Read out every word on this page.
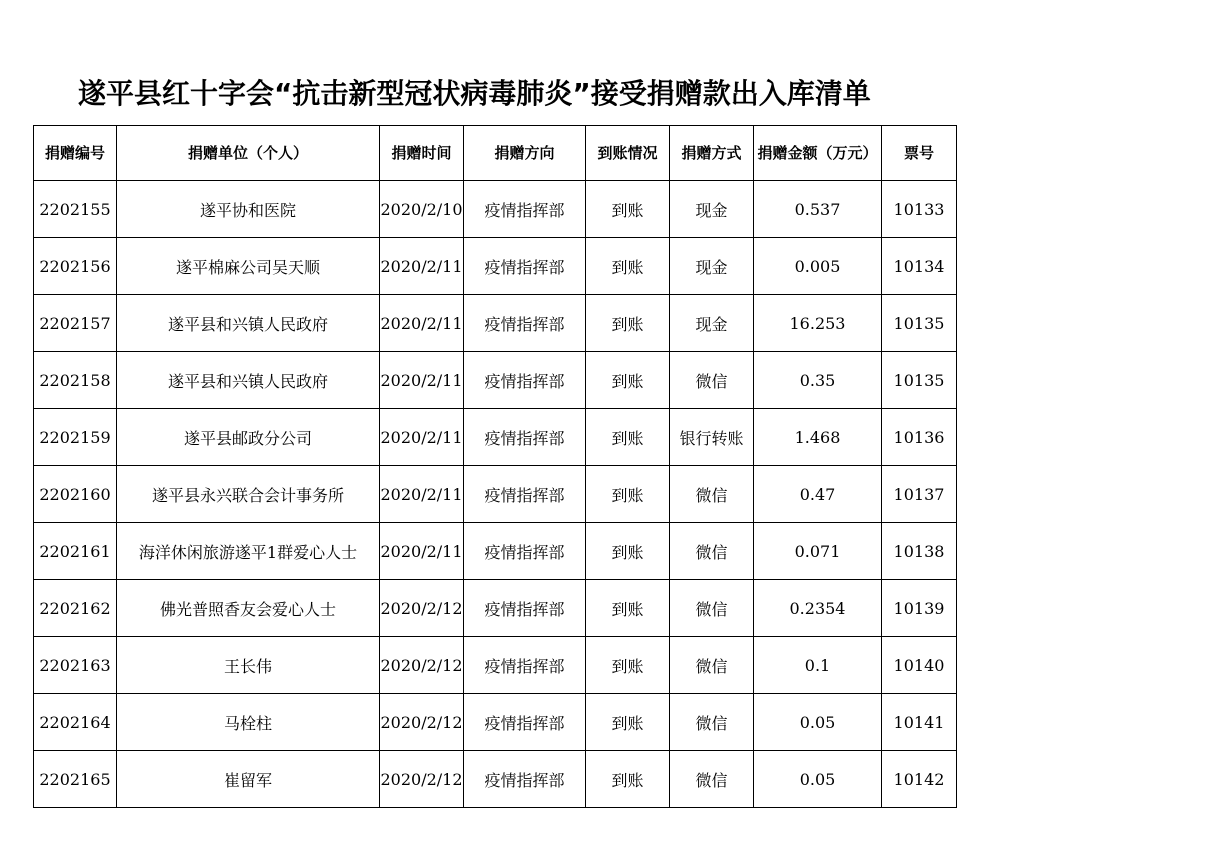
遂平县红十字会“抗击新型冠状病毒肺炎”接受捐赠款出入库清单
捐赠编号	捐赠单位（个人）	捐赠时间	捐赠方向	到账情况	捐赠方式	捐赠金额（万元）	票号
2202155	遂平协和医院	2020/2/10	疫情指挥部	到账	现金	0.537	10133
2202156	遂平棉麻公司吴天顺	2020/2/11	疫情指挥部	到账	现金	0.005	10134
2202157	遂平县和兴镇人民政府	2020/2/11	疫情指挥部	到账	现金	16.253	10135
2202158	遂平县和兴镇人民政府	2020/2/11	疫情指挥部	到账	微信	0.35	10135
2202159	遂平县邮政分公司	2020/2/11	疫情指挥部	到账	银行转账	1.468	10136
2202160	遂平县永兴联合会计事务所	2020/2/11	疫情指挥部	到账	微信	0.47	10137
2202161	海洋休闲旅游遂平1群爱心人士	2020/2/11	疫情指挥部	到账	微信	0.071	10138
2202162	佛光普照香友会爱心人士	2020/2/12	疫情指挥部	到账	微信	0.2354	10139
2202163	王长伟	2020/2/12	疫情指挥部	到账	微信	0.1	10140
2202164	马栓柱	2020/2/12	疫情指挥部	到账	微信	0.05	10141
2202165	崔留军	2020/2/12	疫情指挥部	到账	微信	0.05	10142
